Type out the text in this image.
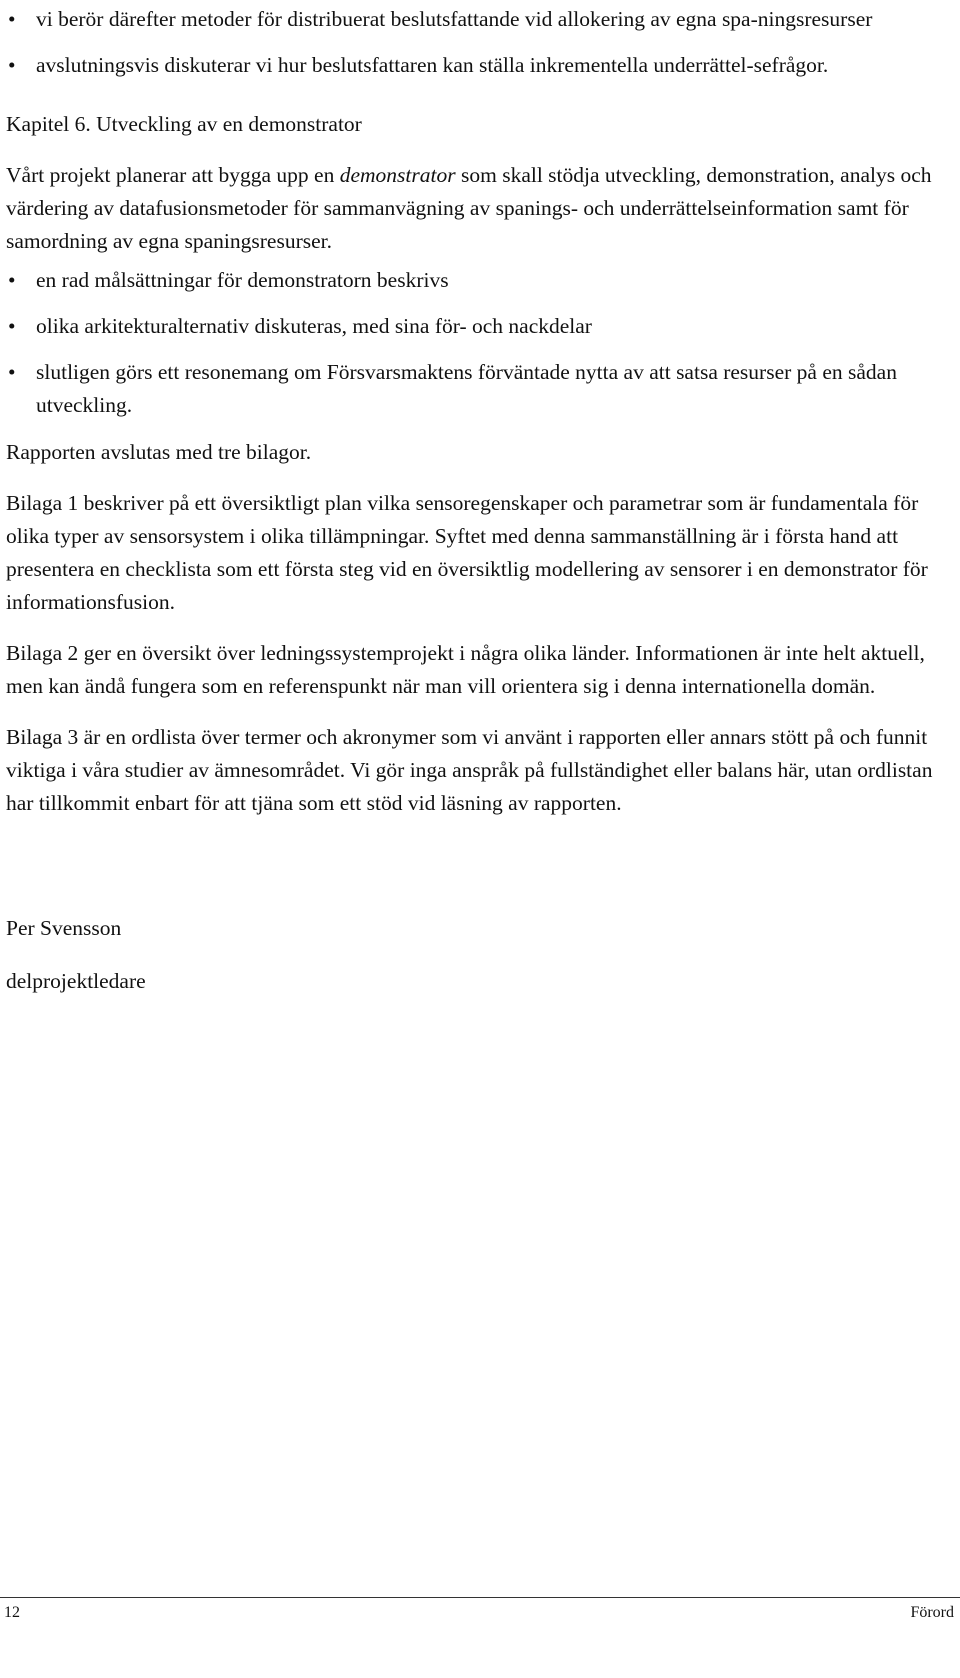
• vi berör därefter metoder för distribuerat beslutsfattande vid allokering av egna spa-ningsresurser
• avslutningsvis diskuterar vi hur beslutsfattaren kan ställa inkrementella underrättel-sefrågor.
Kapitel 6. Utveckling av en demonstrator

Vårt projekt planerar att bygga upp en demonstrator som skall stödja utveckling, demonstration, analys och värdering av datafusionsmetoder för sammanvägning av spanings- och underrättelseinformation samt för samordning av egna spaningsresurser.

• en rad målsättningar för demonstratorn beskrivs
• olika arkitekturalternativ diskuteras, med sina för- och nackdelar
• slutligen görs ett resonemang om Försvarsmaktens förväntade nytta av att satsa resurser på en sådan utveckling.

Rapporten avslutas med tre bilagor.

Bilaga 1 beskriver på ett översiktligt plan vilka sensoregenskaper och parametrar som är fundamentala för olika typer av sensorsystem i olika tillämpningar. Syftet med denna sammanställning är i första hand att presentera en checklista som ett första steg vid en översiktlig modellering av sensorer i en demonstrator för informationsfusion.

Bilaga 2 ger en översikt över ledningssystemprojekt i några olika länder. Informationen är inte helt aktuell, men kan ändå fungera som en referenspunkt när man vill orientera sig i denna internationella domän.

Bilaga 3 är en ordlista över termer och akronymer som vi använt i rapporten eller annars stött på och funnit viktiga i våra studier av ämnesområdet. Vi gör inga anspråk på fullständighet eller balans här, utan ordlistan har tillkommit enbart för att tjäna som ett stöd vid läsning av rapporten.

Per Svensson
delprojektledare
12	Förord
